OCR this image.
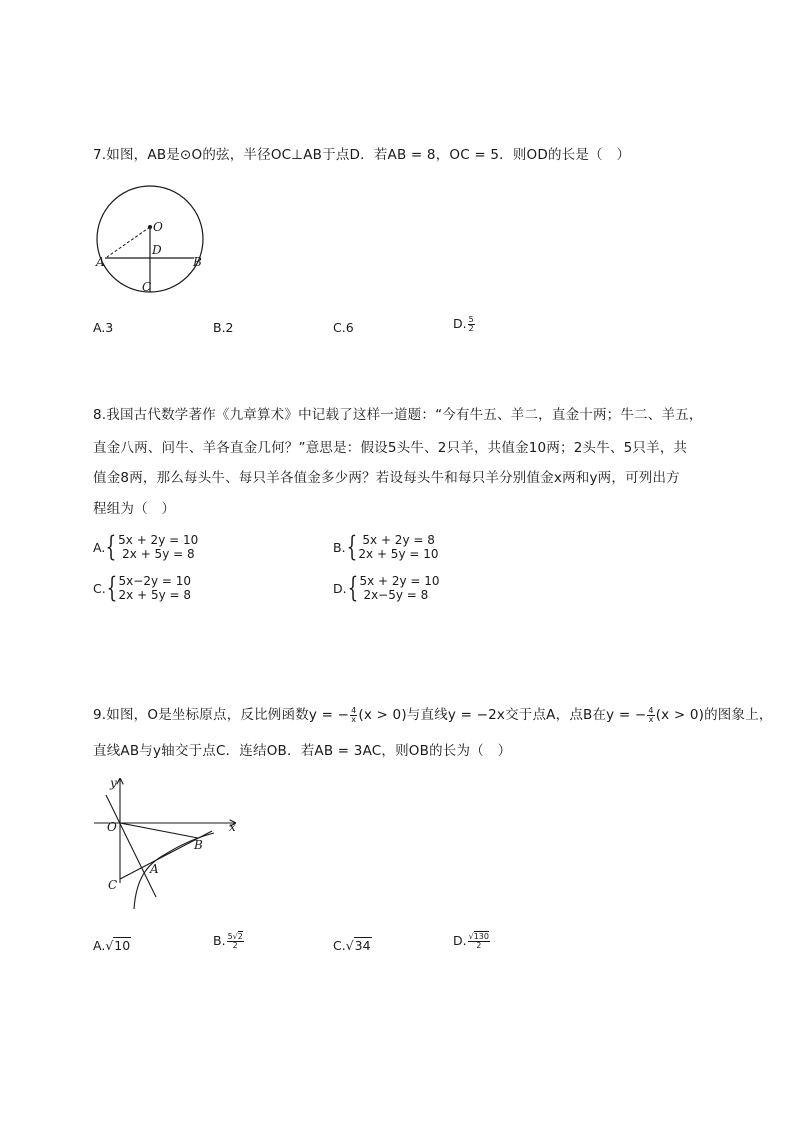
7.如图，AB是⊙O的弦，半径OC⊥AB于点D．若AB = 8，OC = 5．则OD的长是（　）
O
D
A	B
C
A.3	B.2	C.6	D. $\frac{5}{2}$
8.我国古代数学著作《九章算术》中记载了这样一道题：“今有牛五、羊二，直金十两；牛二、羊五，
直金八两、问牛、羊各直金几何？”意思是：假设5头牛、2只羊，共值金10两；2头牛、5只羊，共
值金8两，那么每头牛、每只羊各值金多少两？若设每头牛和每只羊分别值金x两和y两，可列出方
程组为（　）
A. { 5x + 2y = 10
2x + 5y = 8	B. { 5x + 2y = 8
2x + 5y = 10
C. { 5x−2y = 10
2x + 5y = 8	D. { 5x + 2y = 10
2x−5y = 8
9.如图，O是坐标原点，反比例函数y = − $\frac{4}{x} (x > 0)$与直线y = −2x交于点A，点B在y = − $\frac{4}{x} (x > 0)$的图象上，
直线AB与y轴交于点C．连结OB．若AB = 3AC，则OB的长为（　）
y
x
O
B
A
C
A.√10	B. $\frac{5√2}{2}$	C.√34	D. $\frac{√130}{2}$
